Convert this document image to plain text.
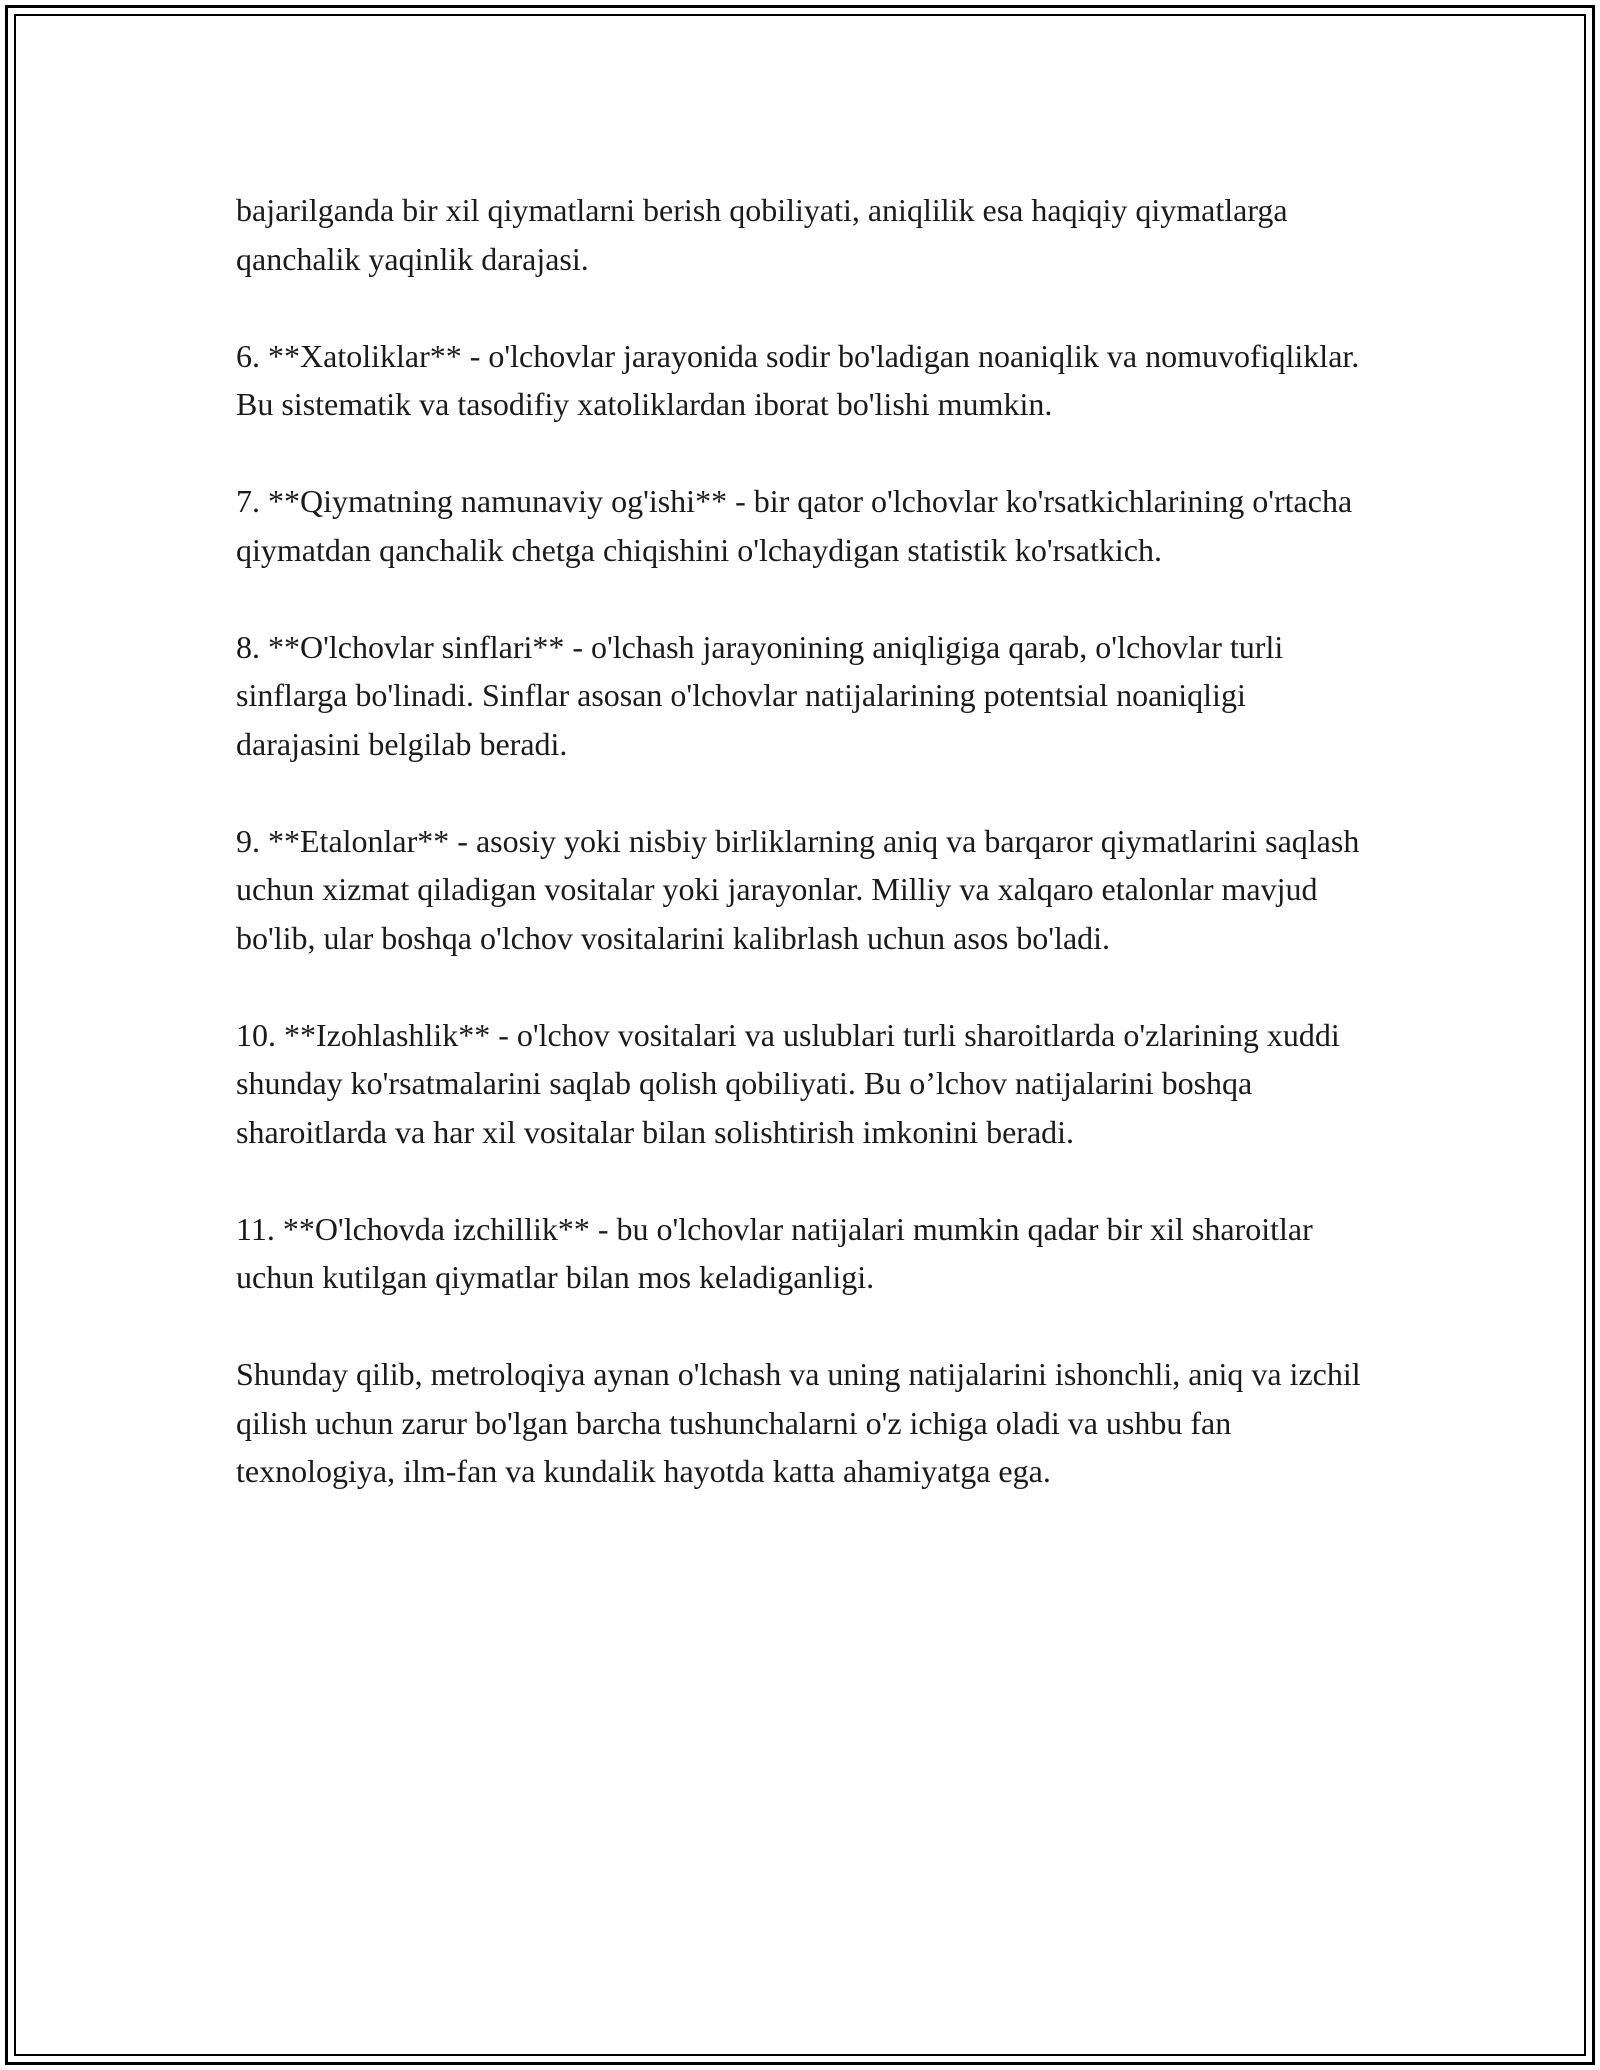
bajarilganda bir xil qiymatlarni berish qobiliyati, aniqlilik esa haqiqiy qiymatlarga qanchalik yaqinlik darajasi.

6. **Xatoliklar** - o'lchovlar jarayonida sodir bo'ladigan noaniqlik va nomuvofiqliklar. Bu sistematik va tasodifiy xatoliklardan iborat bo'lishi mumkin.

7. **Qiymatning namunaviy og'ishi** - bir qator o'lchovlar ko'rsatkichlarining o'rtacha qiymatdan qanchalik chetga chiqishini o'lchaydigan statistik ko'rsatkich.

8. **O'lchovlar sinflari** - o'lchash jarayonining aniqligiga qarab, o'lchovlar turli sinflarga bo'linadi. Sinflar asosan o'lchovlar natijalarining potentsial noaniqligi darajasini belgilab beradi.

9. **Etalonlar** - asosiy yoki nisbiy birliklarning aniq va barqaror qiymatlarini saqlash uchun xizmat qiladigan vositalar yoki jarayonlar. Milliy va xalqaro etalonlar mavjud bo'lib, ular boshqa o'lchov vositalarini kalibrlash uchun asos bo'ladi.

10. **Izohlashlik** - o'lchov vositalari va uslublari turli sharoitlarda o'zlarining xuddi shunday ko'rsatmalarini saqlab qolish qobiliyati. Bu o’lchov natijalarini boshqa sharoitlarda va har xil vositalar bilan solishtirish imkonini beradi.

11. **O'lchovda izchillik** - bu o'lchovlar natijalari mumkin qadar bir xil sharoitlar uchun kutilgan qiymatlar bilan mos keladiganligi.

Shunday qilib, metroloqiya aynan o'lchash va uning natijalarini ishonchli, aniq va izchil qilish uchun zarur bo'lgan barcha tushunchalarni o'z ichiga oladi va ushbu fan texnologiya, ilm-fan va kundalik hayotda katta ahamiyatga ega.
